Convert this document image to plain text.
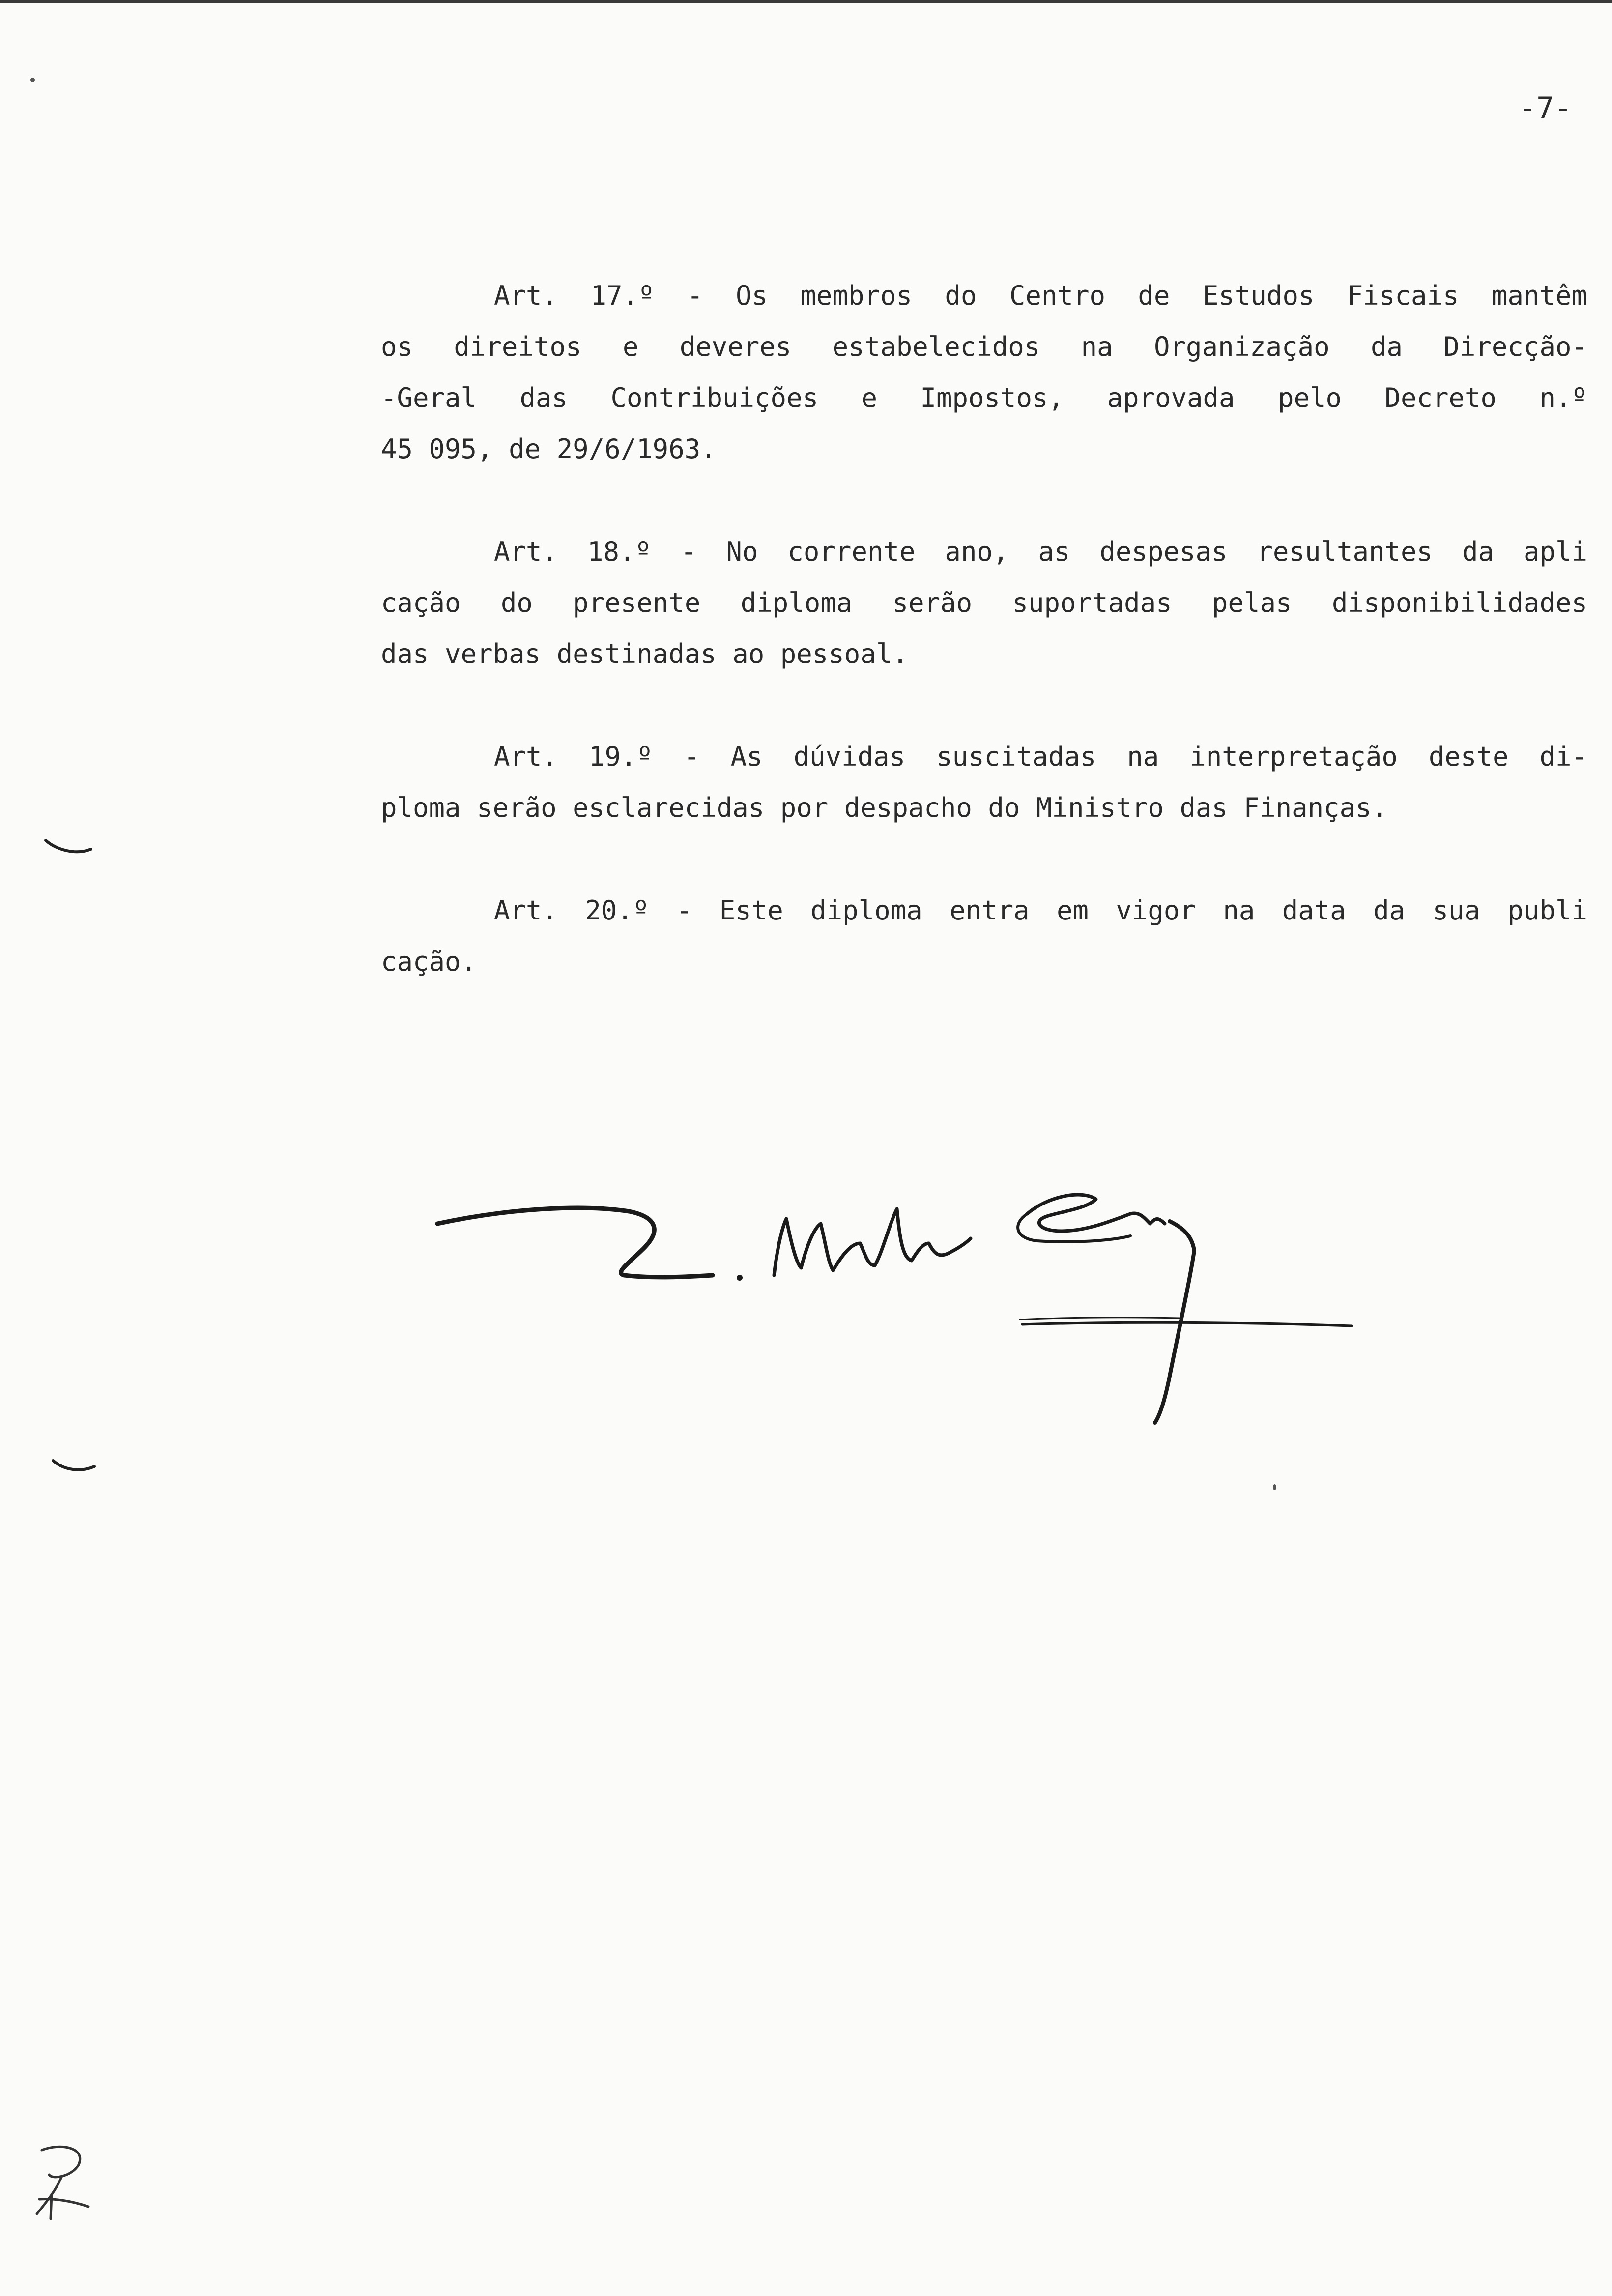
-7-
Art. 17.º - Os membros do Centro de Estudos Fiscais mantêm
os direitos e deveres estabelecidos na Organização da Direcção-
-Geral das Contribuições e Impostos, aprovada pelo Decreto n.º
45 095, de 29/6/1963.
Art. 18.º - No corrente ano, as despesas resultantes da apli
cação do presente diploma serão suportadas pelas disponibilidades
das verbas destinadas ao pessoal.
Art. 19.º - As dúvidas suscitadas na interpretação deste di-
ploma serão esclarecidas por despacho do Ministro das Finanças.
Art. 20.º - Este diploma entra em vigor na data da sua publi
cação.
